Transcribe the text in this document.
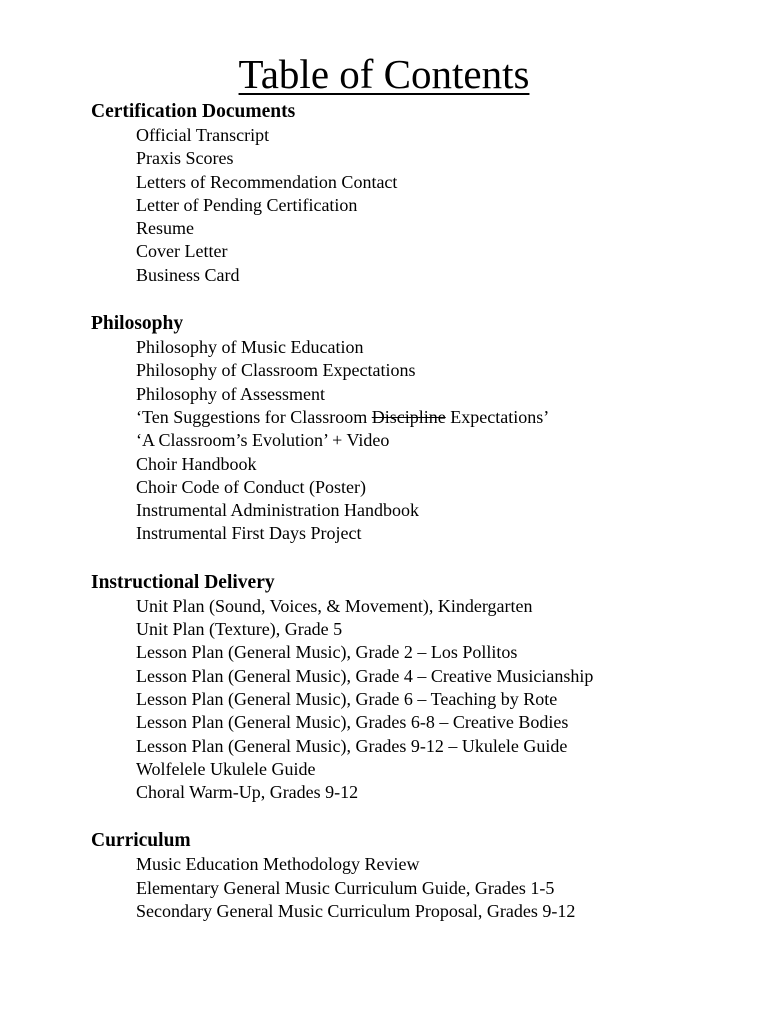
Table of Contents
Certification Documents
Official Transcript
Praxis Scores
Letters of Recommendation Contact
Letter of Pending Certification
Resume
Cover Letter
Business Card
Philosophy
Philosophy of Music Education
Philosophy of Classroom Expectations
Philosophy of Assessment
‘Ten Suggestions for Classroom Discipline Expectations’
‘A Classroom’s Evolution’ + Video
Choir Handbook
Choir Code of Conduct (Poster)
Instrumental Administration Handbook
Instrumental First Days Project
Instructional Delivery
Unit Plan (Sound, Voices, & Movement), Kindergarten
Unit Plan (Texture), Grade 5
Lesson Plan (General Music), Grade 2 – Los Pollitos
Lesson Plan (General Music), Grade 4 – Creative Musicianship
Lesson Plan (General Music), Grade 6 – Teaching by Rote
Lesson Plan (General Music), Grades 6-8 – Creative Bodies
Lesson Plan (General Music), Grades 9-12 – Ukulele Guide
Wolfelele Ukulele Guide
Choral Warm-Up, Grades 9-12
Curriculum
Music Education Methodology Review
Elementary General Music Curriculum Guide, Grades 1-5
Secondary General Music Curriculum Proposal, Grades 9-12
